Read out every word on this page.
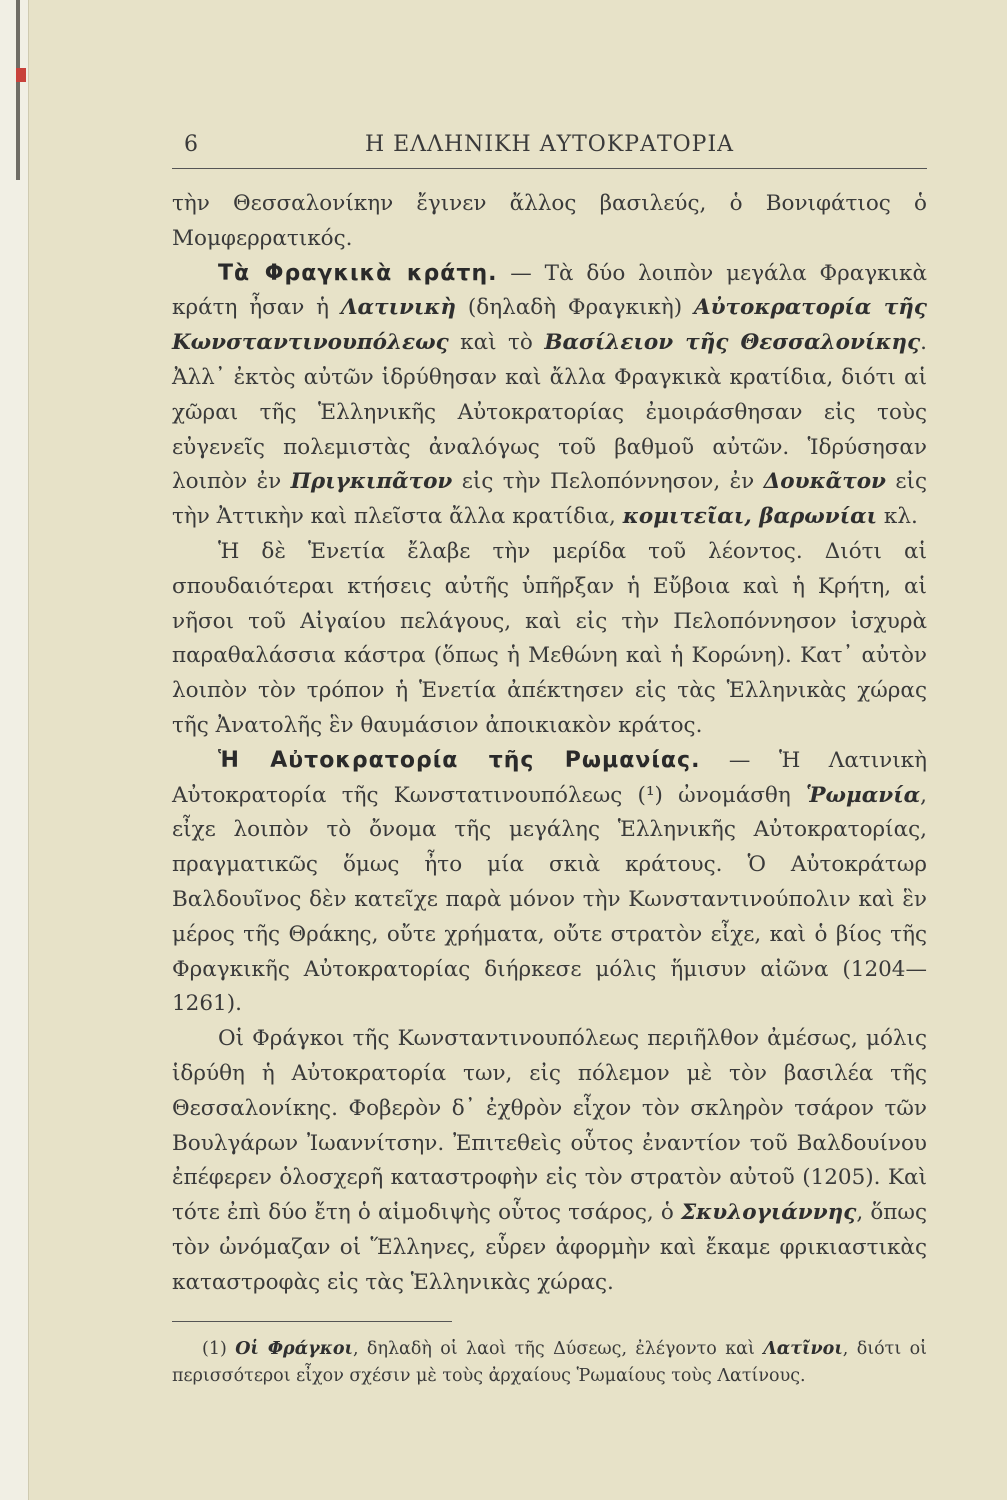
6	Η ΕΛΛΗΝΙΚΗ ΑΥΤΟΚΡΑΤΟΡΙΑ

τὴν Θεσσαλονίκην ἔγινεν ἄλλος βασιλεύς, ὁ Βονιφάτιος ὁ Μομφερρατικός.

Τὰ Φραγκικὰ κράτη. — Τὰ δύο λοιπὸν μεγάλα Φραγκικὰ κράτη ἦσαν ἡ Λατινικὴ (δηλαδὴ Φραγκικὴ) Αὐτοκρατορία τῆς Κωνσταντινουπόλεως καὶ τὸ Βασίλειον τῆς Θεσσαλονίκης. Ἀλλ᾽ ἐκτὸς αὐτῶν ἱδρύθησαν καὶ ἄλλα Φραγκικὰ κρατίδια, διότι αἱ χῶραι τῆς Ἑλληνικῆς Αὐτοκρατορίας ἐμοιράσθησαν εἰς τοὺς εὐγενεῖς πολεμιστὰς ἀναλόγως τοῦ βαθμοῦ αὐτῶν. Ἱδρύσησαν λοιπὸν ἐν Πριγκιπᾶτον εἰς τὴν Πελοπόννησον, ἐν Δουκᾶτον εἰς τὴν Ἀττικὴν καὶ πλεῖστα ἄλλα κρατίδια, κομιτεῖαι, βαρωνίαι κλ.

Ἡ δὲ Ἑνετία ἔλαβε τὴν μερίδα τοῦ λέοντος. Διότι αἱ σπουδαιότεραι κτήσεις αὐτῆς ὑπῆρξαν ἡ Εὔβοια καὶ ἡ Κρήτη, αἱ νῆσοι τοῦ Αἰγαίου πελάγους, καὶ εἰς τὴν Πελοπόννησον ἰσχυρὰ παραθαλάσσια κάστρα (ὅπως ἡ Μεθώνη καὶ ἡ Κορώνη). Κατ᾽ αὐτὸν λοιπὸν τὸν τρόπον ἡ Ἑνετία ἀπέκτησεν εἰς τὰς Ἑλληνικὰς χώρας τῆς Ἀνατολῆς ἓν θαυμάσιον ἀποικιακὸν κράτος.

Ἡ Αὐτοκρατορία τῆς Ρωμανίας. — Ἡ Λατινικὴ Αὐτοκρατορία τῆς Κωνστατινουπόλεως (¹) ὠνομάσθη Ῥωμανία, εἶχε λοιπὸν τὸ ὄνομα τῆς μεγάλης Ἑλληνικῆς Αὐτοκρατορίας, πραγματικῶς ὅμως ἦτο μία σκιὰ κράτους. Ὁ Αὐτοκράτωρ Βαλδουῖνος δὲν κατεῖχε παρὰ μόνον τὴν Κωνσταντινούπολιν καὶ ἓν μέρος τῆς Θράκης, οὔτε χρήματα, οὔτε στρατὸν εἶχε, καὶ ὁ βίος τῆς Φραγκικῆς Αὐτοκρατορίας διήρκεσε μόλις ἥμισυν αἰῶνα (1204—1261).

Οἱ Φράγκοι τῆς Κωνσταντινουπόλεως περιῆλθον ἀμέσως, μόλις ἱδρύθη ἡ Αὐτοκρατορία των, εἰς πόλεμον μὲ τὸν βασιλέα τῆς Θεσσαλονίκης. Φοβερὸν δ᾽ ἐχθρὸν εἶχον τὸν σκληρὸν τσάρον τῶν Βουλγάρων Ἰωαννίτσην. Ἐπιτεθεὶς οὗτος ἐναντίον τοῦ Βαλδουίνου ἐπέφερεν ὁλοσχερῆ καταστροφὴν εἰς τὸν στρατὸν αὐτοῦ (1205). Καὶ τότε ἐπὶ δύο ἔτη ὁ αἱμοδιψὴς οὗτος τσάρος, ὁ Σκυλογιάννης, ὅπως τὸν ὠνόμαζαν οἱ Ἕλληνες, εὗρεν ἀφορμὴν καὶ ἔκαμε φρικιαστικὰς καταστροφὰς εἰς τὰς Ἑλληνικὰς χώρας.

(1) Οἱ Φράγκοι, δηλαδὴ οἱ λαοὶ τῆς Δύσεως, ἐλέγοντο καὶ Λατῖνοι, διότι οἱ περισσότεροι εἶχον σχέσιν μὲ τοὺς ἀρχαίους Ῥωμαίους τοὺς Λατίνους.
